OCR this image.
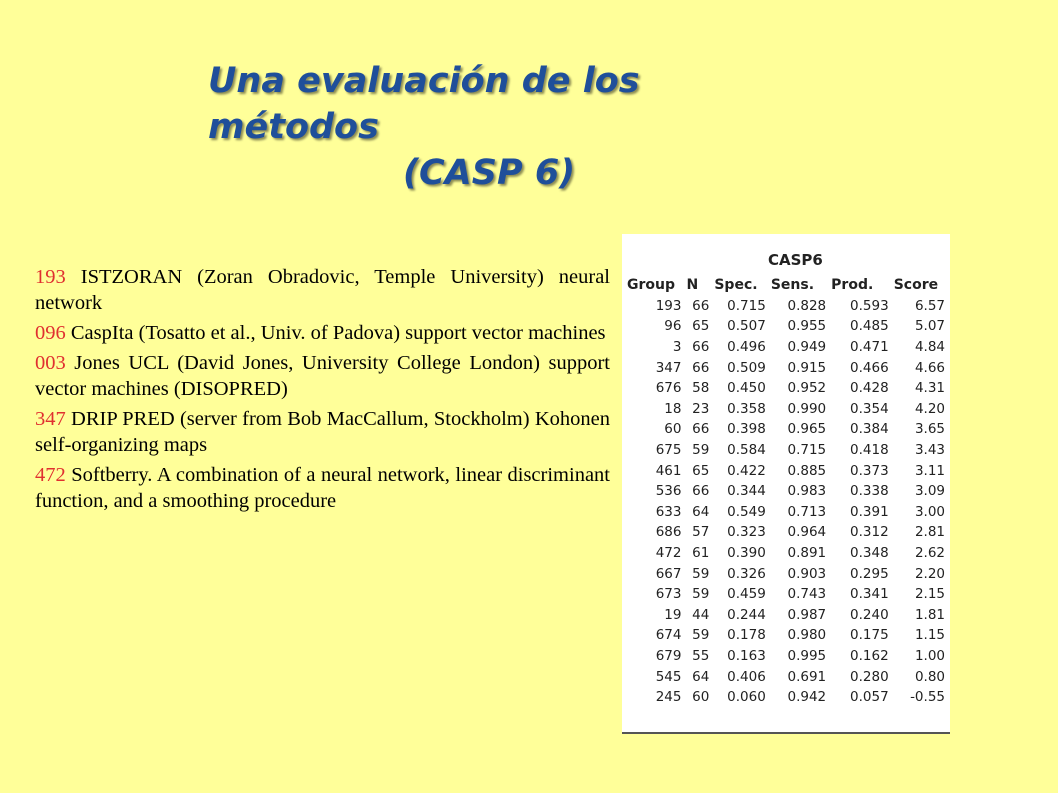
Una evaluación de los
métodos

(CASP 6)

193 ISTZORAN (Zoran Obradovic, Temple University) neural network

096 CaspIta (Tosatto et al., Univ. of Padova) support vector machines

003 Jones UCL (David Jones, University College London) support vector machines (DISOPRED)

347 DRIP PRED (server from Bob MacCallum, Stockholm) Kohonen self-organizing maps

472 Softberry. A combination of a neural network, linear discriminant function, and a smoothing procedure

CASP6
Group	N	Spec.	Sens.	Prod.	Score
193	66	0.715	0.828	0.593	6.57
96	65	0.507	0.955	0.485	5.07
3	66	0.496	0.949	0.471	4.84
347	66	0.509	0.915	0.466	4.66
676	58	0.450	0.952	0.428	4.31
18	23	0.358	0.990	0.354	4.20
60	66	0.398	0.965	0.384	3.65
675	59	0.584	0.715	0.418	3.43
461	65	0.422	0.885	0.373	3.11
536	66	0.344	0.983	0.338	3.09
633	64	0.549	0.713	0.391	3.00
686	57	0.323	0.964	0.312	2.81
472	61	0.390	0.891	0.348	2.62
667	59	0.326	0.903	0.295	2.20
673	59	0.459	0.743	0.341	2.15
19	44	0.244	0.987	0.240	1.81
674	59	0.178	0.980	0.175	1.15
679	55	0.163	0.995	0.162	1.00
545	64	0.406	0.691	0.280	0.80
245	60	0.060	0.942	0.057	-0.55
